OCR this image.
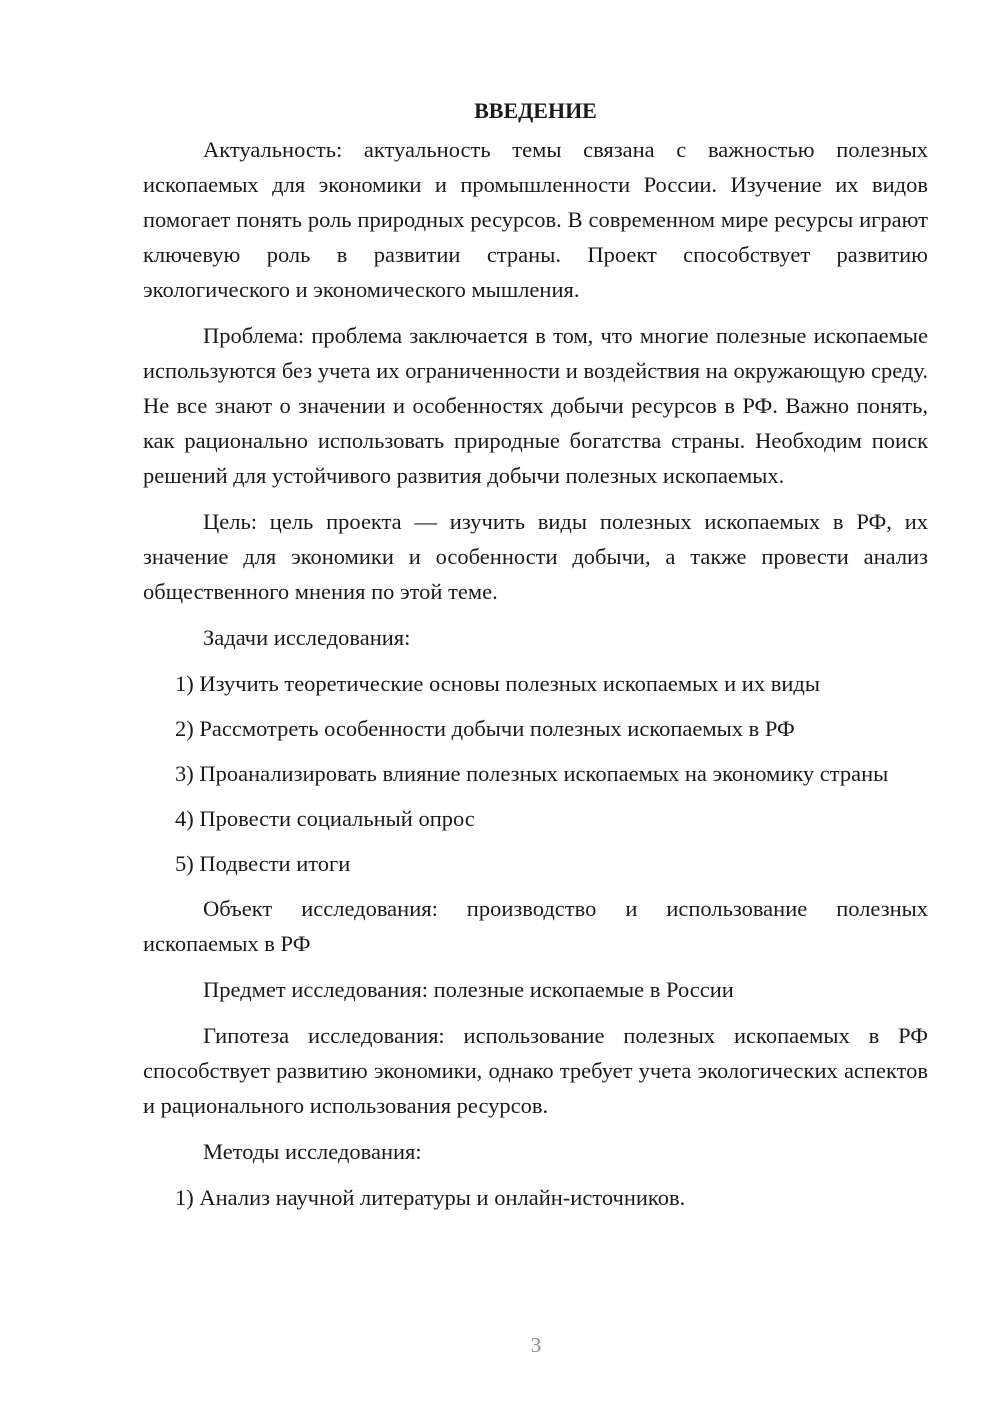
ВВЕДЕНИЕ

Актуальность: актуальность темы связана с важностью полезных ископаемых для экономики и промышленности России. Изучение их видов помогает понять роль природных ресурсов. В современном мире ресурсы играют ключевую роль в развитии страны. Проект способствует развитию экологического и экономического мышления.

Проблема: проблема заключается в том, что многие полезные ископаемые используются без учета их ограниченности и воздействия на окружающую среду. Не все знают о значении и особенностях добычи ресурсов в РФ. Важно понять, как рационально использовать природные богатства страны. Необходим поиск решений для устойчивого развития добычи полезных ископаемых.

Цель: цель проекта — изучить виды полезных ископаемых в РФ, их значение для экономики и особенности добычи, а также провести анализ общественного мнения по этой теме.

Задачи исследования:

1) Изучить теоретические основы полезных ископаемых и их виды

2) Рассмотреть особенности добычи полезных ископаемых в РФ

3) Проанализировать влияние полезных ископаемых на экономику страны

4) Провести социальный опрос

5) Подвести итоги

Объект исследования: производство и использование полезных ископаемых в РФ

Предмет исследования: полезные ископаемые в России

Гипотеза исследования: использование полезных ископаемых в РФ способствует развитию экономики, однако требует учета экологических аспектов и рационального использования ресурсов.

Методы исследования:

1) Анализ научной литературы и онлайн-источников.

3
